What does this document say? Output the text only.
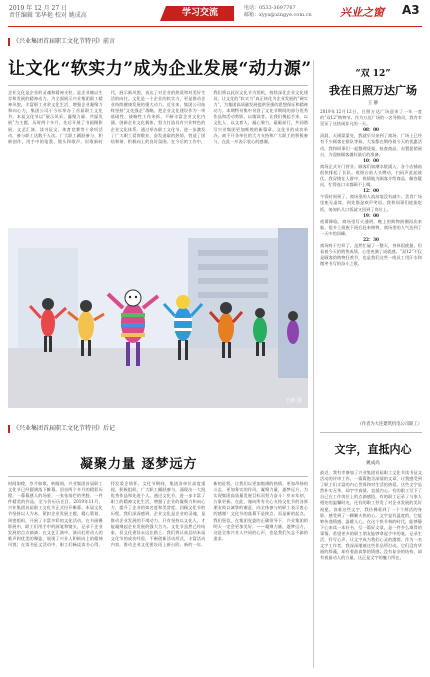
2019 年 12 月 27 日
责任编辑 邹华艳 校对 姚成高	学习交流	电话：0533-3697767
邮箱：xyyx@xingye.com.cn	兴业之窗 A3
《兴业集团首届职工文化节特刊》前言
让文化“软实力”成为企业发展“动力源”
企业文化是企业的灵魂和精神支柱，是企业赖以生存和发展的精神动力。为全面展示兴业集团职工精神风貌，丰富职工业余文化生活，增强企业凝聚力和向心力，集团公司于今年举办了首届职工文化节。本届文化节以“展示风采、凝聚力量、共谋发展”为主题，历时两个多月，先后开展了书画摄影展、文艺汇演、读书征文、体育竞赛等十余项活动，参与职工达数千人次。广大职工踊跃参与、积极创作，用手中的笔墨、镜头和歌声，讴歌新时代，展示新风貌，表达了对企业的热爱和对美好生活的向往。文化是一个企业的软实力，更是推动企业持续健康发展的强大动力。近年来，集团公司始终坚持“文化强企”战略，把企业文化建设作为一项基础性、战略性工作来抓，不断丰富企业文化内涵，创新企业文化载体，努力打造具有兴业特色的企业文化体系。通过举办职工文化节，进一步激发了广大职工爱岗敬业、奋发进取的热情，营造了团结和谐、积极向上的良好氛围。在今后的工作中，我们将以此次文化节为契机，持续深化企业文化建设，让文化的“软实力”真正转化为企业发展的“硬实力”，为集团高质量发展提供坚强的思想保证和精神动力。本期特刊集中刊登了文化节期间的部分优秀作品和活动剪影，以飨读者。让我们携起手来，以文化人、以文育人，凝心聚力，砥砺前行，共同谱写兴业集团更加辉煌的新篇章。文化节的成功举办，离不开各单位的大力支持和广大职工的积极参与，在此一并表示衷心的感谢。
王新 摄
《兴业集团首届职工文化节特刊》后记
凝聚力量 逐梦远方
时间如梭，岁月如歌。转眼间，兴业集团首届职工文化节已经圆满落下帷幕。回首两个多月的精彩历程，一幕幕感人的场景、一张张灿烂的笑脸、一件件精美的作品，至今仍历历在目。2019年11月，兴业集团首届职工文化节正式拉开帷幕。本届文化节坚持以人为本，紧扣企业发展主题，精心策划、周密组织，开展了丰富多彩的文化活动。在书画摄影展中，职工们用手中的画笔和镜头，记录下企业发展的点点滴滴；在文艺汇演中，演员们用动人的歌声和优美的舞姿，展现了兴业人积极向上的精神风貌；在读书征文活动中，职工们畅谈读书心得，抒发爱企情怀。文化节期间，集团各单位高度重视，积极组织，广大职工踊跃参与，涌现出一大批优秀作品和先进个人。通过文化节，进一步丰富了职工的精神文化生活，增强了企业的凝聚力和向心力，提升了企业的知名度和美誉度。回顾文化节的历程，我们深深感到，企业文化是企业的灵魂，是推动企业发展的不竭动力。只有坚持以文化人，才能凝聚起企业发展的强大合力。文化节虽然已经结束，但文化建设永远在路上。我们将认真总结本届文化节的成功经验，不断创新活动形式，丰富活动内容，推动企业文化建设再上新台阶。新的一年，新的征程。让我们以更加饱满的热情、更加昂扬的斗志、更加务实的作风，凝聚力量，逐梦远方，为实现集团高质量发展目标而努力奋斗！岁末年初，万象更新。在此，谨向所有关心支持文化节的各界朋友致以诚挚的谢意，向全体参与的职工表示衷心的感谢！文化节的落幕不是终点，而是新的起点。我们坚信，在集团党委的正确领导下，兴业集团的明天一定会更加美好。——凝聚力量，逐梦远方，这是全体兴业人共同的心声，也是我们矢志不渝的追求。
“双 12”
我在日照万达广场
王 静
2019年12月12日，日照万达广场迎来了一年一度的“双12”购物节。作为万达广场的一名导购员，我有幸见证了这热闹非凡的一天。
08：00
清晨，天刚蒙蒙亮，我就早早来到了商场。广场上已经有不少顾客在排队等候，大家都在期待着今天的优惠活动。我和同事们一起整理货架、检查商品、布置促销展台，为迎接顾客做好最后的准备。
10：00
商场正式开门营业。顾客们如潮水般涌入，各个店铺前很快排起了长队。收银台前人头攒动，扫码声此起彼伏。我穿梭在人群中，热情地为顾客介绍商品、解答疑问，忙得连口水都顾不上喝。
12：00
午饭时间到了，商场里的人流丝毫没有减少。美食广场里座无虚席，到处都是欢声笑语。我和同事们轮流吃饭，匆匆扒几口饭就又回到了岗位上。
19：00
夜幕降临，商场里灯火通明，晚上的购物热潮再次来临。很多上班族下班后赶来购物，商场里的人气达到了一天中的顶峰。
22：30
商场终于打烊了。虽然忙碌了一整天，身体很疲惫，但看着今天的销售成绩，心里充满了成就感。“双12”不仅是顾客的购物狂欢节，也是我们这些一线员工用汗水和微笑书写的奋斗之歌。
（作者为大连建筑机电公司职工）
文字，直抵内心
姚成高
最近，我有幸参加了兴业集团首届职工文化节读书征文活动的评审工作。一篇篇饱含深情的文章，让我感受到了职工们丰富的内心世界和对生活的热爱。这些文字虽然朴实无华，却字字真情，直抵内心。有的职工写下了自己在工作岗位上的点滴感悟，有的职工记录了与家人相处的温馨时光，还有的职工抒发了对企业发展的美好祝愿。读着这些文字，我仿佛看到了一个个鲜活的身影，感受到了一颗颗火热的心。文字是有温度的，它能够传递情感、温暖人心。在这个快节奏的时代，能够静下心来读一本好书、写一篇好文章，是一件多么难得的事情。希望更多的职工朋友能够拿起手中的笔，记录生活，抒写心声，让文字成为我们心灵的港湾。作为一名文字工作者，我深深地被这些作品所打动。它们没有华丽的辞藻，却有着最真挚的情感；没有复杂的结构，却有着最动人的力量。这正是文字的魅力所在。
